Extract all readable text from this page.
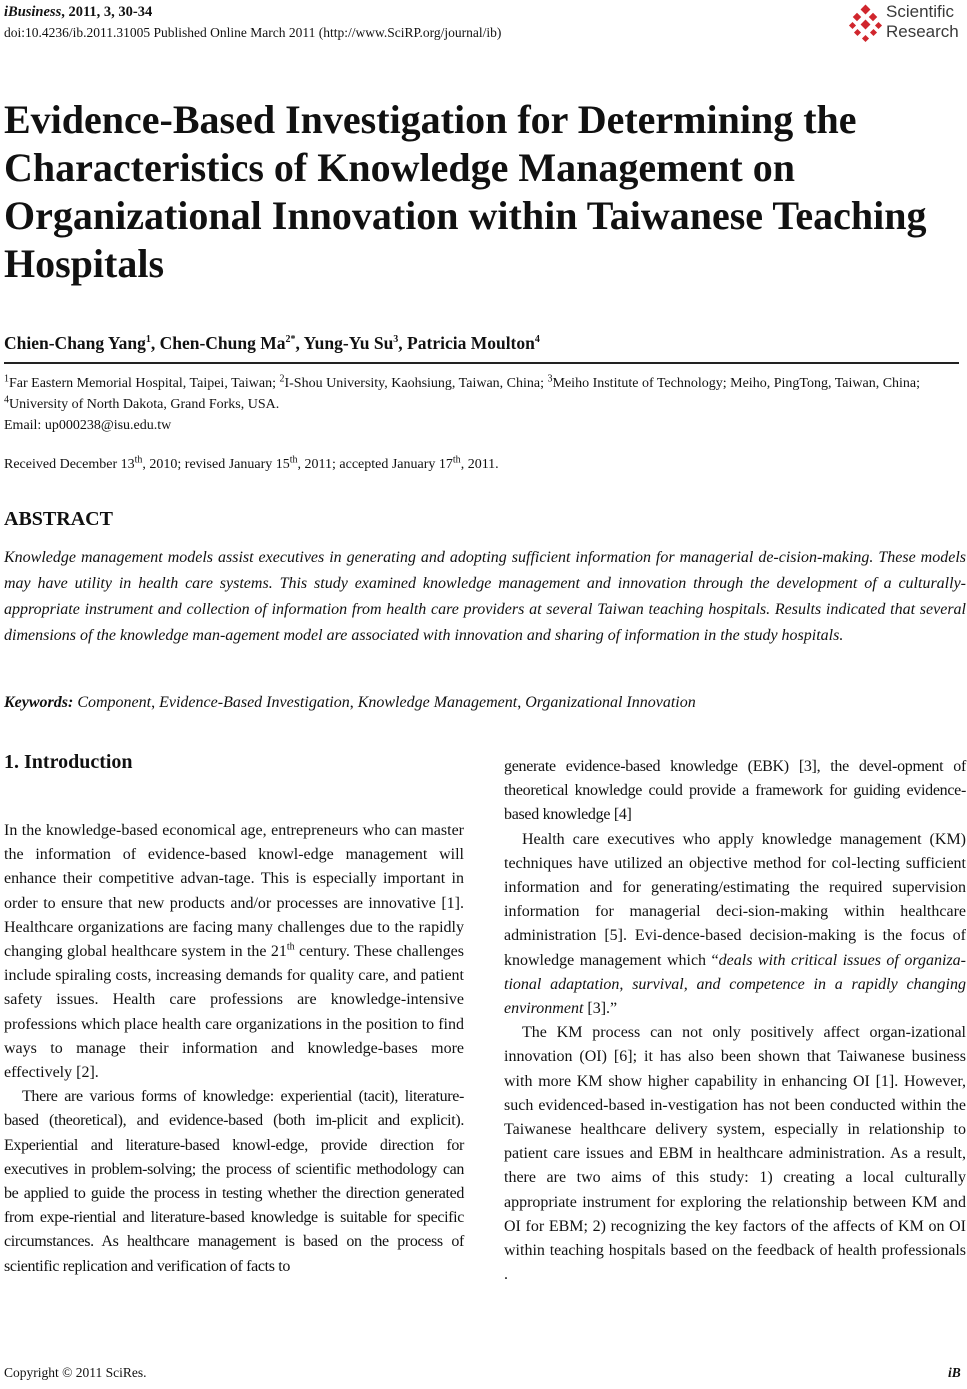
iBusiness, 2011, 3, 30-34
doi:10.4236/ib.2011.31005 Published Online March 2011 (http://www.SciRP.org/journal/ib)
Scientific
Research
Evidence-Based Investigation for Determining the Characteristics of Knowledge Management on Organizational Innovation within Taiwanese Teaching Hospitals
Chien-Chang Yang$^1$, Chen-Chung $Ma^{2*}$, Yung-Yu Su$^3$, Patricia Moulton$^4$
$^1$Far Eastern Memorial Hospital, Taipei, Taiwan; $^2$I-Shou University, Kaohsiung, Taiwan, China; $^3$Meiho Institute of Technology; Meiho, PingTong, Taiwan, China; $^4$University of North Dakota, Grand Forks, USA.
Email: up000238@isu.edu.tw
Received December 13th, 2010; revised January 15th, 2011; accepted January 17th, 2011.
ABSTRACT
Knowledge management models assist executives in generating and adopting sufficient information for managerial de-cision-making. These models may have utility in health care systems. This study examined knowledge management and innovation through the development of a culturally-appropriate instrument and collection of information from health care providers at several Taiwan teaching hospitals. Results indicated that several dimensions of the knowledge man-agement model are associated with innovation and sharing of information in the study hospitals.
Keywords: Component, Evidence-Based Investigation, Knowledge Management, Organizational Innovation
1. Introduction

In the knowledge-based economical age, entrepreneurs who can master the information of evidence-based knowl-edge management will enhance their competitive advan-tage. This is especially important in order to ensure that new products and/or processes are innovative [1]. Healthcare organizations are facing many challenges due to the rapidly changing global healthcare system in the 21th century. These challenges include spiraling costs, increasing demands for quality care, and patient safety issues. Health care professions are knowledge-intensive professions which place health care organizations in the position to find ways to manage their information and knowledge-bases more effectively [2].

There are various forms of knowledge: experiential (tacit), literature-based (theoretical), and evidence-based (both im-plicit and explicit). Experiential and literature-based knowl-edge, provide direction for executives in problem-solving; the process of scientific methodology can be applied to guide the process in testing whether the direction generated from expe-riential and literature-based knowledge is suitable for specific circumstances. As healthcare management is based on the process of scientific replication and verification of facts to

generate evidence-based knowledge (EBK) [3], the devel-opment of theoretical knowledge could provide a framework for guiding evidence-based knowledge [4]

Health care executives who apply knowledge management (KM) techniques have utilized an objective method for col-lecting sufficient information and for generating/estimating the required supervision information for managerial deci-sion-making within healthcare administration [5]. Evi-dence-based decision-making is the focus of knowledge management which “deals with critical issues of organiza-tional adaptation, survival, and competence in a rapidly changing environment [3].”

The KM process can not only positively affect organ-izational innovation (OI) [6]; it has also been shown that Taiwanese business with more KM show higher capability in enhancing OI [1]. However, such evidenced-based in-vestigation has not been conducted within the Taiwanese healthcare delivery system, especially in relationship to patient care issues and EBM in healthcare administration. As a result, there are two aims of this study: 1) creating a local culturally appropriate instrument for exploring the relationship between KM and OI for EBM; 2) recognizing the key factors of the affects of KM on OI within teaching hospitals based on the feedback of health professionals .

Copyright © 2011 SciRes.	iB
